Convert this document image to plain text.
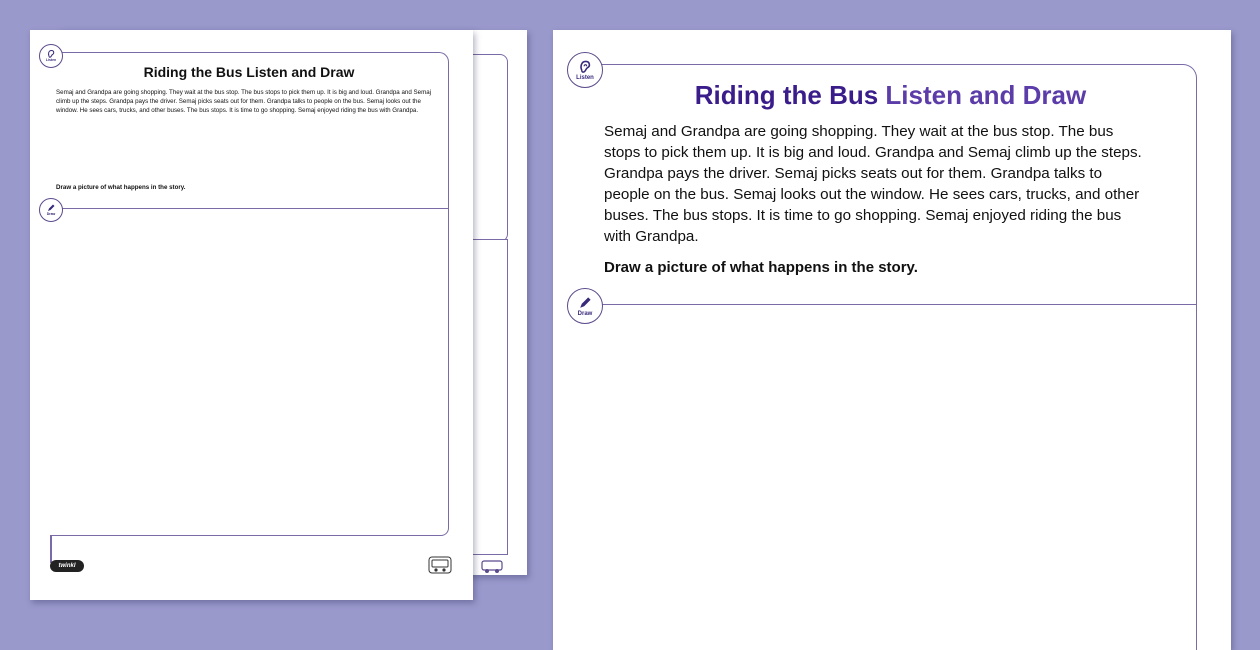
Listen
Draw
Riding the Bus Listen and Draw

Semaj and Grandpa are going shopping. They wait at the bus stop. The bus stops to pick them up. It is big and loud. Grandpa and Semaj climb up the steps. Grandpa pays the driver. Semaj picks seats out for them. Grandpa talks to people on the bus. Semaj looks out the window. He sees cars, trucks, and other buses. The bus stops. It is time to go shopping. Semaj enjoyed riding the bus with Grandpa.

Draw a picture of what happens in the story.

twinkl
Listen
Draw
Riding the Bus Listen and Draw
Semaj and Grandpa are going shopping. They wait at the bus stop. The bus
stops to pick them up. It is big and loud. Grandpa and Semaj climb up the steps.
Grandpa pays the driver. Semaj picks seats out for them. Grandpa talks to
people on the bus. Semaj looks out the window. He sees cars, trucks, and other
buses. The bus stops. It is time to go shopping. Semaj enjoyed riding the bus
with Grandpa.

Draw a picture of what happens in the story.
